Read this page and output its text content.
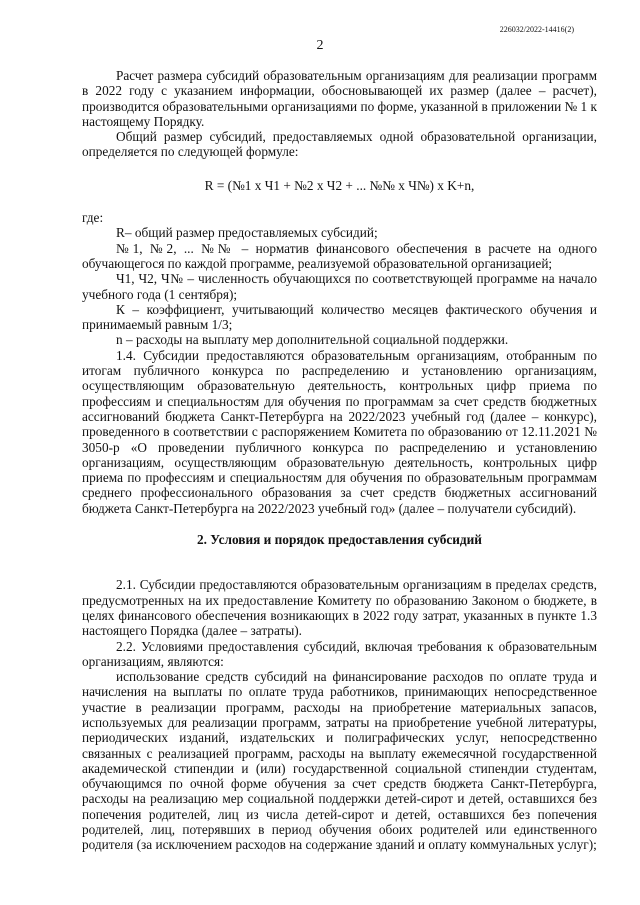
226032/2022-14416(2)
2

Расчет размера субсидий образовательным организациям для реализации программ в 2022 году с указанием информации, обосновывающей их размер (далее – расчет), производится образовательными организациями по форме, указанной в приложении № 1 к настоящему Порядку.

Общий размер субсидий, предоставляемых одной образовательной организации, определяется по следующей формуле:

R = (№1 х Ч1 + №2 х Ч2 + ... №№ х Ч№) х K+n,

где:

R– общий размер предоставляемых субсидий;

№1, №2, ... №№ – норматив финансового обеспечения в расчете на одного обучающегося по каждой программе, реализуемой образовательной организацией;

Ч1, Ч2, Ч№ – численность обучающихся по соответствующей программе на начало учебного года (1 сентября);

К – коэффициент, учитывающий количество месяцев фактического обучения и принимаемый равным 1/3;

n – расходы на выплату мер дополнительной социальной поддержки.

1.4. Субсидии предоставляются образовательным организациям, отобранным по итогам публичного конкурса по распределению и установлению организациям, осуществляющим образовательную деятельность, контрольных цифр приема по профессиям и специальностям для обучения по программам за счет средств бюджетных ассигнований бюджета Санкт-Петербурга на 2022/2023 учебный год (далее – конкурс), проведенного в соответствии с распоряжением Комитета по образованию от 12.11.2021 № 3050-р «О проведении публичного конкурса по распределению и установлению организациям, осуществляющим образовательную деятельность, контрольных цифр приема по профессиям и специальностям для обучения по образовательным программам среднего профессионального образования за счет средств бюджетных ассигнований бюджета Санкт-Петербурга на 2022/2023 учебный год» (далее – получатели субсидий).

2. Условия и порядок предоставления субсидий

2.1. Субсидии предоставляются образовательным организациям в пределах средств, предусмотренных на их предоставление Комитету по образованию Законом о бюджете, в целях финансового обеспечения возникающих в 2022 году затрат, указанных в пункте 1.3 настоящего Порядка (далее – затраты).

2.2. Условиями предоставления субсидий, включая требования к образовательным организациям, являются:

использование средств субсидий на финансирование расходов по оплате труда и начисления на выплаты по оплате труда работников, принимающих непосредственное участие в реализации программ, расходы на приобретение материальных запасов, используемых для реализации программ, затраты на приобретение учебной литературы, периодических изданий, издательских и полиграфических услуг, непосредственно связанных с реализацией программ, расходы на выплату ежемесячной государственной академической стипендии и (или) государственной социальной стипендии студентам, обучающимся по очной форме обучения за счет средств бюджета Санкт-Петербурга, расходы на реализацию мер социальной поддержки детей-сирот и детей, оставшихся без попечения родителей, лиц из числа детей-сирот и детей, оставшихся без попечения родителей, лиц, потерявших в период обучения обоих родителей или единственного родителя (за исключением расходов на содержание зданий и оплату коммунальных услуг);
